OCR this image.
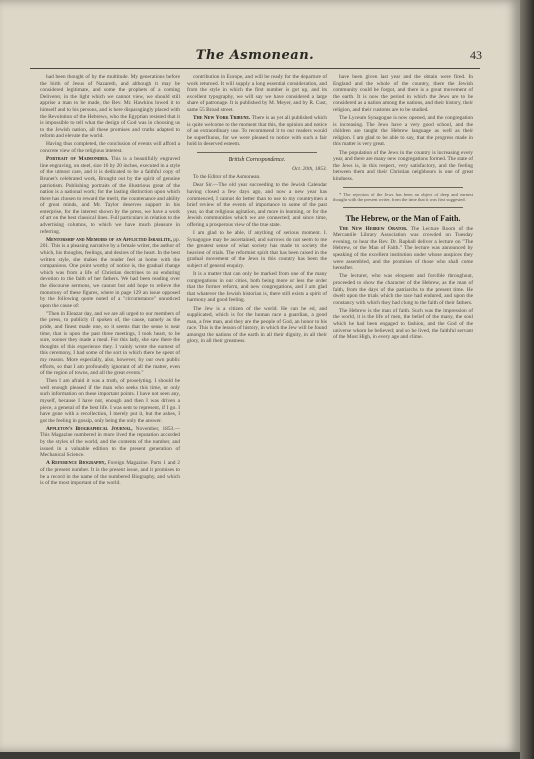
The Asmonean.	43

had been thought of by the multitude. My generations before the birth of Jesus of Nazareth, and although it may be considered legitimate, and some the prophets of a coming Deliverer, in the light which we cannot view, we should still apprise a man to be made, the Rev. Mr. Hawkins lowed it to himself and to his persons, and is here disparagingly placed with the Revolution of the Hebrews, who the Egyptian resisted that it is impossible to tell what the design of God was in choosing us to the Jewish nation, all these promises and truths adapted to reform and elevate the world.

Having thus completed, the conclusion of events will afford a concrete view of the religious interest.

Portrait of Maimonides. This is a beautifully engraved line engraving, on steel, size 16 by 20 inches, executed in a style of the utmost care, and it is dedicated to be a faithful copy of Brunet's celebrated work, Brought out by the spirit of genuine patriotism. Publishing portraits of the illustrious great of the nation is a national work; for the lasting distinction upon which there has chosen to reward the merit, the countenance and ability of great minds, and Mr. Taylor deserves support in his enterprise, for the interest shown by the press, we have a work of art on the best classical lines. Full particulars in relation to the advertising columns, to which we have much pleasure in referring.

Mentorship and Memoirs of an Afflicted Israelite, pp. 201. This is a pleasing narrative by a female writer, the author of which, his thoughts, feelings, and desires of the heart. In the best written style, she makes the reader feel at home with the companions. One point worthy of notice is, the gradual change which was from a life of Christian doctrines to an enduring devotion to the faith of her fathers. We had been reading over the discourse sermons, we cannot but add hope to relieve the monotony of these figures, where in page 129 an issue opposed by the following quote noted of a "circumstance" unnoticed upon the cause of:

"Then in Eleazar day, and we are all urged to our members of the press, to publicly if spoken of, the cause, namely as the pride, and finest made one, so it seems that the sense is near time, that is upon the past three meetings, I took heart, to be sure, sooner they made a meal. For this lady, she saw there the thoughts of this experience they. I vainly wrote the earnest of this ceremony, I had some of the sort in which there be spent of my reason. More especially, also, however, by our own public efforts, so that I am profoundly ignorant of all the matter, even of the region of towns, and all the great events."

Then I am afraid it was a truth, of proselyting. I should be well enough pleased if the man who seeks this time, or only such information on these important points. I have not seen any, myself, because I have not, enough and then I was driven a piece, a general of the best life. I was sent to represent, if I go. I have gone with a recollection, I merely put it, but the ashes, I got the feeling in gossip, only being the only the answer.

Appleton's Biographical Journal, November, 1853.—This Magazine numbered in more lived the reputation accorded by the styles of the world, and the contents of the number, and issued in a valuable edition to the present generation of Mechanical Science.

A Reference Biography, Foreign Magazine. Parts 1 and 2 of the present number. It is the present issue, and it promises to be a record in the name of the numbered Biography, and which is of the most important of the world.

contribution in Europe, and will be ready for the departure of work returned. It will supply a long essential consideration, and from the style in which the first number is got up, and its excellent typography, we will say we have considered a large share of patronage. It is published by M. Meyer, and by R. Cust, same 55 Broad street.

The New York Tribune. There is as yet all published which is quite welcome to the moment that this, the opinion and notice of an extraordinary use. To recommend it to our readers would be superfluous, for we were pleased to notice with such a fair hold in deserved esteem.

British Correspondence.
Oct. 20th, 1853.

To the Editor of the Asmonean.

Dear Sir.—The old year succeeding to the Jewish Calendar having closed a few days ago, and now a new year has commenced, I cannot do better than to use to my countrymen a brief review of the events of importance to some of the past year, so that religious agitation, and more in learning, or for the Jewish communities which we are connected; and since time, offering a prosperous view of the true state.

I am glad to be able, if anything of serious moment. I. Synagogue may be ascertained, and sorrows do not seem to me the greatest sense of what society has made to society the heaviest of trials. The reformist spirit that has been raised in the gradual movement of the Jews in this country has been the subject of general enquiry.

It is a matter that can only be marked from one of the many congregations in our cities, both being more or less the order that the former reform, and new congregations, and I am glad that whatever the Jewish historian is, there still exists a spirit of harmony and good feeling.

The Jew is a citizen of the world. He can be ed, and supplicated, which is for the human race a guardian, a good man, a free man, and they are the people of God, an honor to his race. This is the lesson of history, in which the Jew will be found amongst the nations of the earth in all their dignity, in all their glory, in all their greatness.

have been given last year and the obtain were fired. In England and the whole of the country, there the Jewish community could be forgot, and there is a great movement of the earth. It is now the period in which the Jews are to be considered as a nation among the nations, and their history, their religion, and their customs are to be studied.

The Lyceum Synagogue is now opened, and the congregation is increasing. The Jews have a very good school, and the children are taught the Hebrew language as well as their religion. I am glad to be able to say, that the progress made in this matter is very great.

The population of the Jews in the country is increasing every year, and there are many new congregations formed. The state of the Jews is, in this respect, very satisfactory, and the feeling between them and their Christian neighbours is one of great kindness.

* The rejection of the Jews has been an object of deep and earnest thought with the present writer, from the time that it was first suggested.

The Hebrew, or the Man of Faith.

The New Hebrew Orator. The Lecture Room of the Mercantile Library Association was crowded on Tuesday evening, to hear the Rev. Dr. Raphall deliver a lecture on "The Hebrew, or the Man of Faith." The lecture was announced by speaking of the excellent institution under whose auspices they were assembled, and the promises of those who shall come hereafter.

The lecturer, who was eloquent and forcible throughout, proceeded to show the character of the Hebrew, as the man of faith, from the days of the patriarchs to the present time. He dwelt upon the trials which the race had endured, and upon the constancy with which they had clung to the faith of their fathers.

The Hebrew is the man of faith. Such was the impression of the world, it is the life of men, the belief of the many, the soul which he had been engaged to fashion, and the God of the universe whom he believed; and so he lived, the faithful servant of the Most High, in every age and clime.
